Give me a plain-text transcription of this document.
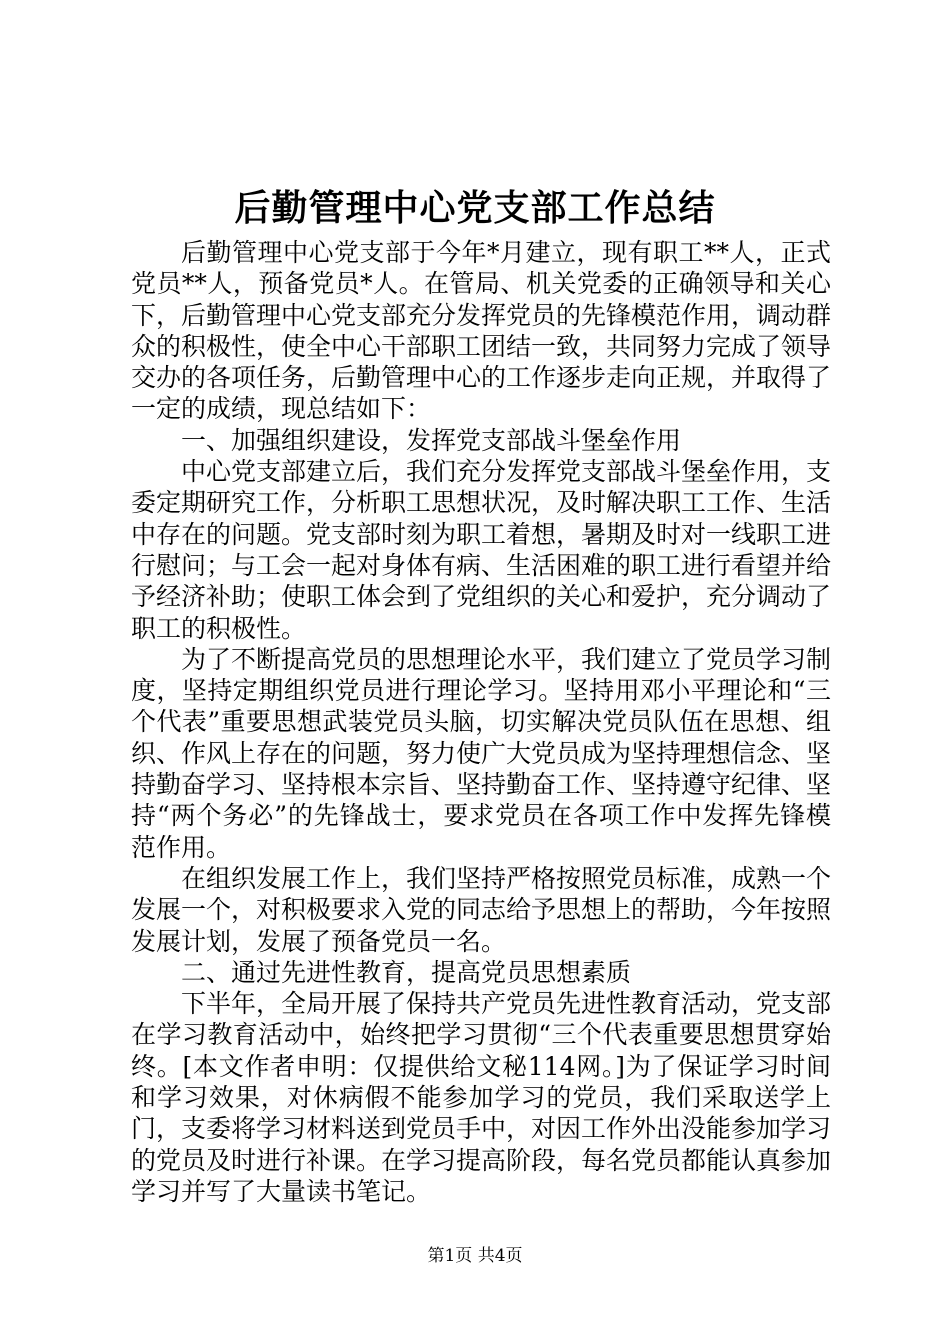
后勤管理中心党支部工作总结

后勤管理中心党支部于今年*月建立，现有职工**人，正式党员**人，预备党员*人。在管局、机关党委的正确领导和关心下，后勤管理中心党支部充分发挥党员的先锋模范作用，调动群众的积极性，使全中心干部职工团结一致，共同努力完成了领导交办的各项任务，后勤管理中心的工作逐步走向正规，并取得了一定的成绩，现总结如下：

一、加强组织建设，发挥党支部战斗堡垒作用

中心党支部建立后，我们充分发挥党支部战斗堡垒作用，支委定期研究工作，分析职工思想状况，及时解决职工工作、生活中存在的问题。党支部时刻为职工着想，暑期及时对一线职工进行慰问；与工会一起对身体有病、生活困难的职工进行看望并给予经济补助；使职工体会到了党组织的关心和爱护，充分调动了职工的积极性。

为了不断提高党员的思想理论水平，我们建立了党员学习制度，坚持定期组织党员进行理论学习。坚持用邓小平理论和“三个代表”重要思想武装党员头脑，切实解决党员队伍在思想、组织、作风上存在的问题，努力使广大党员成为坚持理想信念、坚持勤奋学习、坚持根本宗旨、坚持勤奋工作、坚持遵守纪律、坚持“两个务必”的先锋战士，要求党员在各项工作中发挥先锋模范作用。

在组织发展工作上，我们坚持严格按照党员标准，成熟一个发展一个，对积极要求入党的同志给予思想上的帮助，今年按照发展计划，发展了预备党员一名。

二、通过先进性教育，提高党员思想素质

下半年，全局开展了保持共产党员先进性教育活动，党支部在学习教育活动中，始终把学习贯彻“三个代表重要思想贯穿始终。[本文作者申明：仅提供给文秘114网。]为了保证学习时间和学习效果，对休病假不能参加学习的党员，我们采取送学上门，支委将学习材料送到党员手中，对因工作外出没能参加学习的党员及时进行补课。在学习提高阶段，每名党员都能认真参加学习并写了大量读书笔记。

第1页 共4页
